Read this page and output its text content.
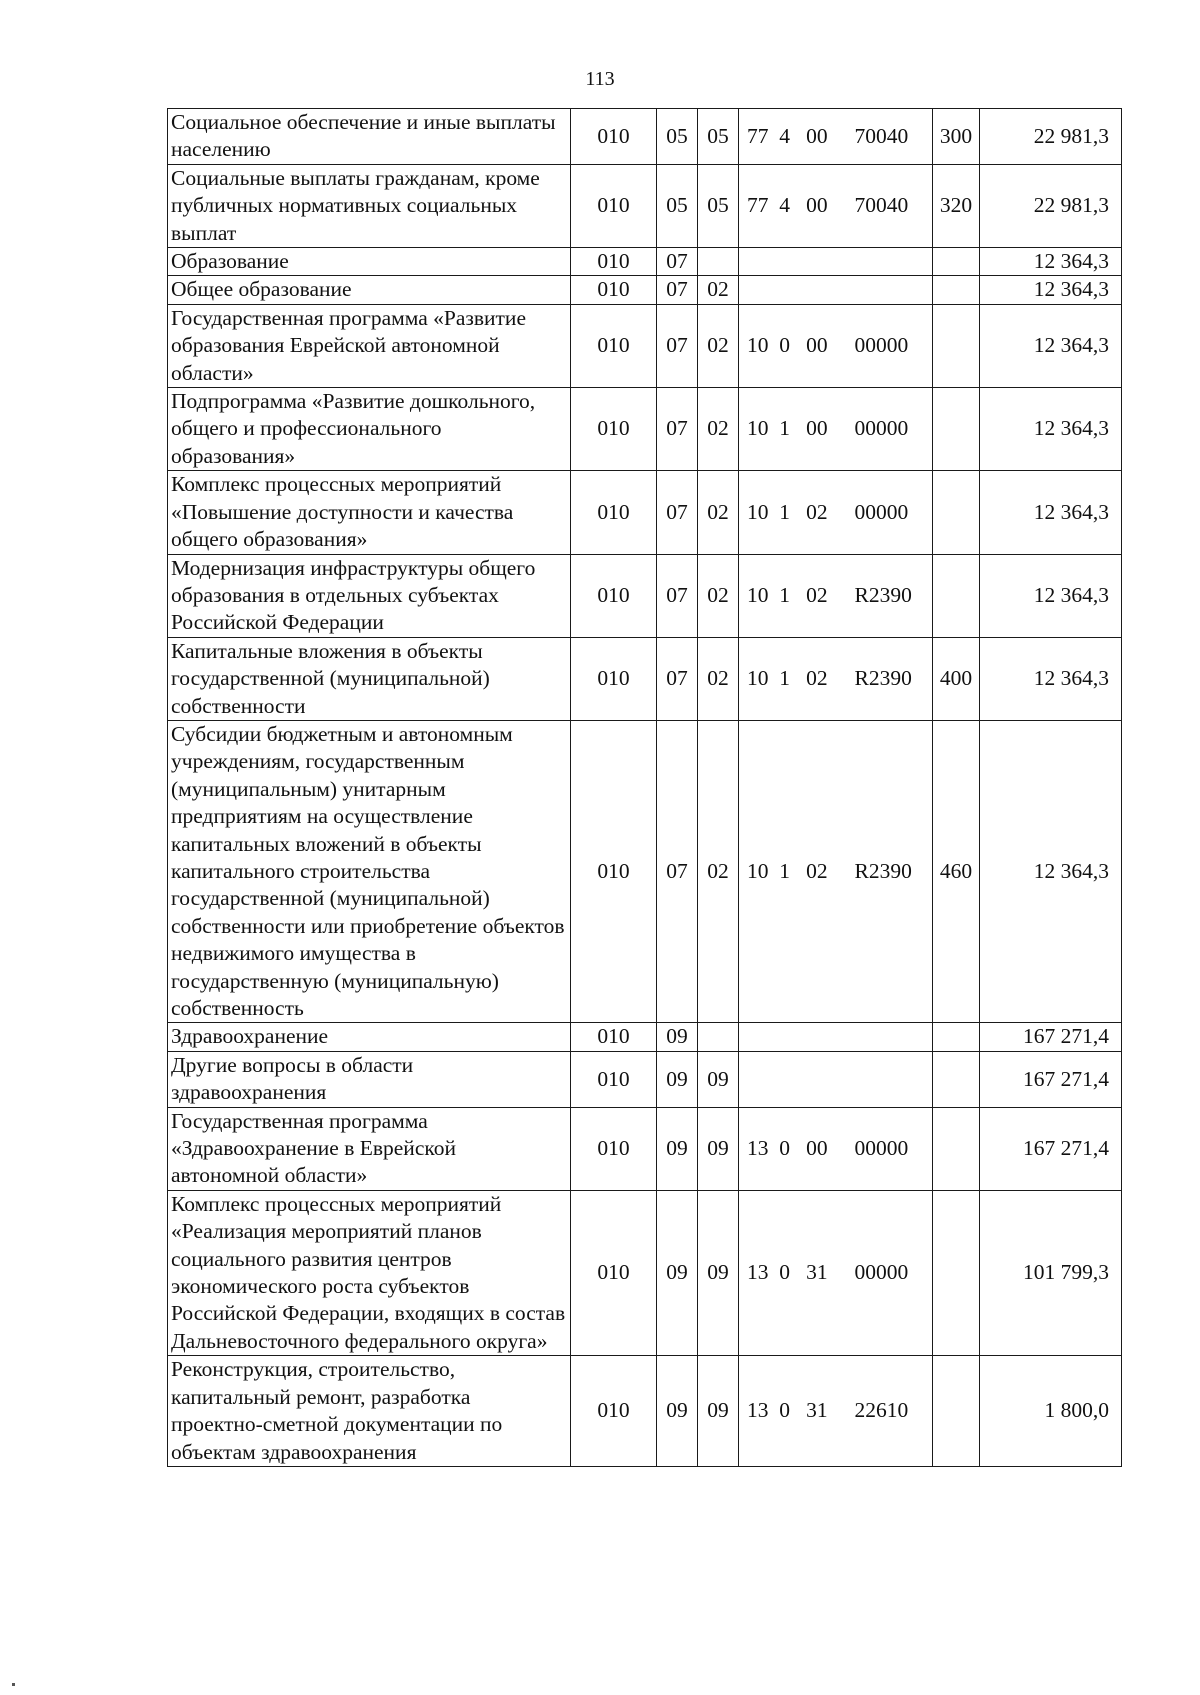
113
Социальное обеспечение и иные выплаты населению	010	05	05	77  4   00     70040	300	22 981,3
Социальные выплаты гражданам, кроме публичных нормативных социальных выплат	010	05	05	77  4   00     70040	320	22 981,3
Образование	010	07				12 364,3
Общее образование	010	07	02			12 364,3
Государственная программа «Развитие образования Еврейской автономной области»	010	07	02	10  0   00     00000		12 364,3
Подпрограмма «Развитие дошкольного, общего и профессионального образования»	010	07	02	10  1   00     00000		12 364,3
Комплекс процессных мероприятий «Повышение доступности и качества общего образования»	010	07	02	10  1   02     00000		12 364,3
Модернизация инфраструктуры общего образования в отдельных субъектах Российской Федерации	010	07	02	10  1   02     R2390		12 364,3
Капитальные вложения в объекты государственной (муниципальной) собственности	010	07	02	10  1   02     R2390	400	12 364,3
Субсидии бюджетным и автономным учреждениям, государственным (муниципальным) унитарным предприятиям на осуществление капитальных вложений в объекты капитального строительства государственной (муниципальной) собственности или приобретение объектов недвижимого имущества в государственную (муниципальную) собственность	010	07	02	10  1   02     R2390	460	12 364,3
Здравоохранение	010	09				167 271,4
Другие вопросы в области здравоохранения	010	09	09			167 271,4
Государственная программа «Здравоохранение в Еврейской автономной области»	010	09	09	13  0   00     00000		167 271,4
Комплекс процессных мероприятий «Реализация мероприятий планов социального развития центров экономического роста субъектов Российской Федерации, входящих в состав Дальневосточного федерального округа»	010	09	09	13  0   31     00000		101 799,3
Реконструкция, строительство, капитальный ремонт, разработка проектно-сметной документации по объектам здравоохранения	010	09	09	13  0   31     22610		1 800,0
